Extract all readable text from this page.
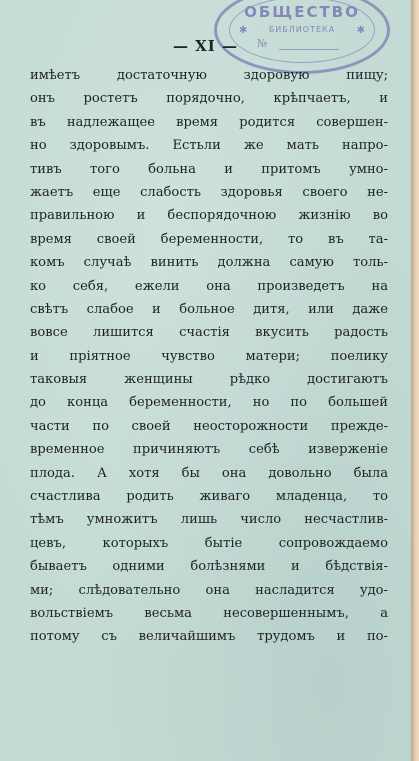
ОБЩЕСТВО
✱	БИБЛИОТЕКА	✱
№
— XI —
имѣетъ достаточную здоровую пищу;
онъ ростетъ порядочно, крѣпчаетъ, и
въ надлежащее время родится совершен-
но здоровымъ. Естьли же мать напро-
тивъ того больна и притомъ умно-
жаетъ еще слабость здоровья своего не-
правильною и беспорядочною жизнію во
время своей беременности, то въ та-
комъ случаѣ винить должна самую толь-
ко себя, ежели она произведетъ на
свѣтъ слабое и больное дитя, или даже
вовсе лишится счастія вкусить радость
и пріятное чувство матери; поелику
таковыя женщины рѣдко достигаютъ
до конца беременности, но по большей
части по своей неосторожности прежде-
временное причиняютъ себѣ изверженіе
плода. А хотя бы она довольно была
счастлива родить живаго младенца, то
тѣмъ умножитъ лишь число несчастлив-
цевъ, которыхъ бытіе сопровождаемо
бываетъ одними болѣзнями и бѣдствія-
ми; слѣдовательно она насладится удо-
вольствіемъ весьма несовершеннымъ, а
потому съ величайшимъ трудомъ и по-
